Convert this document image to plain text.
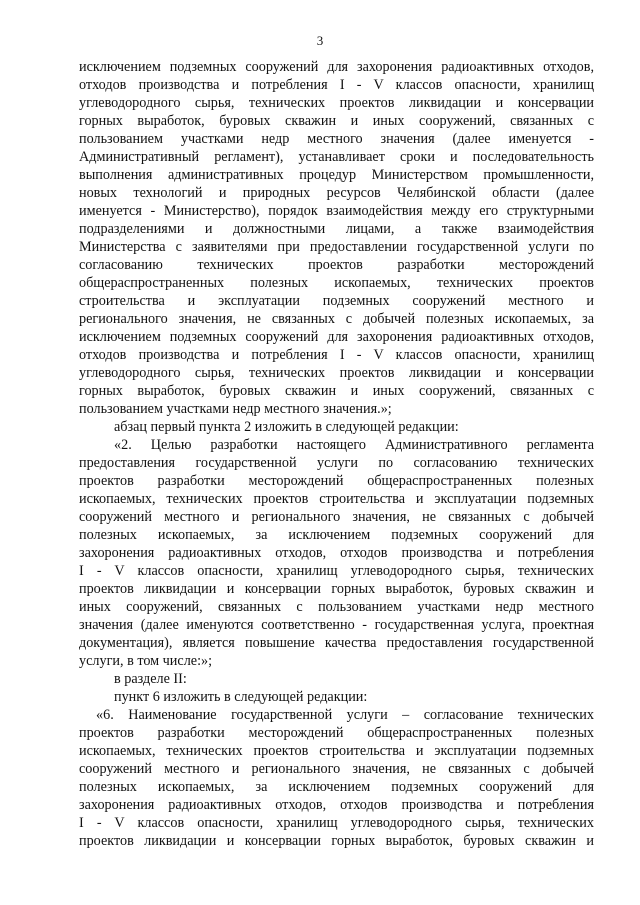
3
исключением подземных сооружений для захоронения радиоактивных отходов,
отходов производства и потребления I - V классов опасности, хранилищ
углеводородного сырья, технических проектов ликвидации и консервации
горных выработок, буровых скважин и иных сооружений, связанных с
пользованием участками недр местного значения (далее именуется -
Административный регламент), устанавливает сроки и последовательность
выполнения административных процедур Министерством промышленности,
новых технологий и природных ресурсов Челябинской области (далее
именуется - Министерство), порядок взаимодействия между его структурными
подразделениями и должностными лицами, а также взаимодействия
Министерства с заявителями при предоставлении государственной услуги по
согласованию технических проектов разработки месторождений
общераспространенных полезных ископаемых, технических проектов
строительства и эксплуатации подземных сооружений местного и
регионального значения, не связанных с добычей полезных ископаемых, за
исключением подземных сооружений для захоронения радиоактивных отходов,
отходов производства и потребления I - V классов опасности, хранилищ
углеводородного сырья, технических проектов ликвидации и консервации
горных выработок, буровых скважин и иных сооружений, связанных с
пользованием участками недр местного значения.»;
абзац первый пункта 2 изложить в следующей редакции:
«2. Целью разработки настоящего Административного регламента
предоставления государственной услуги по согласованию технических
проектов разработки месторождений общераспространенных полезных
ископаемых, технических проектов строительства и эксплуатации подземных
сооружений местного и регионального значения, не связанных с добычей
полезных ископаемых, за исключением подземных сооружений для
захоронения радиоактивных отходов, отходов производства и потребления
I - V классов опасности, хранилищ углеводородного сырья, технических
проектов ликвидации и консервации горных выработок, буровых скважин и
иных сооружений, связанных с пользованием участками недр местного
значения (далее именуются соответственно - государственная услуга, проектная
документация), является повышение качества предоставления государственной
услуги, в том числе:»;
в разделе II:
пункт 6 изложить в следующей редакции:
«6. Наименование государственной услуги – согласование технических
проектов разработки месторождений общераспространенных полезных
ископаемых, технических проектов строительства и эксплуатации подземных
сооружений местного и регионального значения, не связанных с добычей
полезных ископаемых, за исключением подземных сооружений для
захоронения радиоактивных отходов, отходов производства и потребления
I - V классов опасности, хранилищ углеводородного сырья, технических
проектов ликвидации и консервации горных выработок, буровых скважин и
